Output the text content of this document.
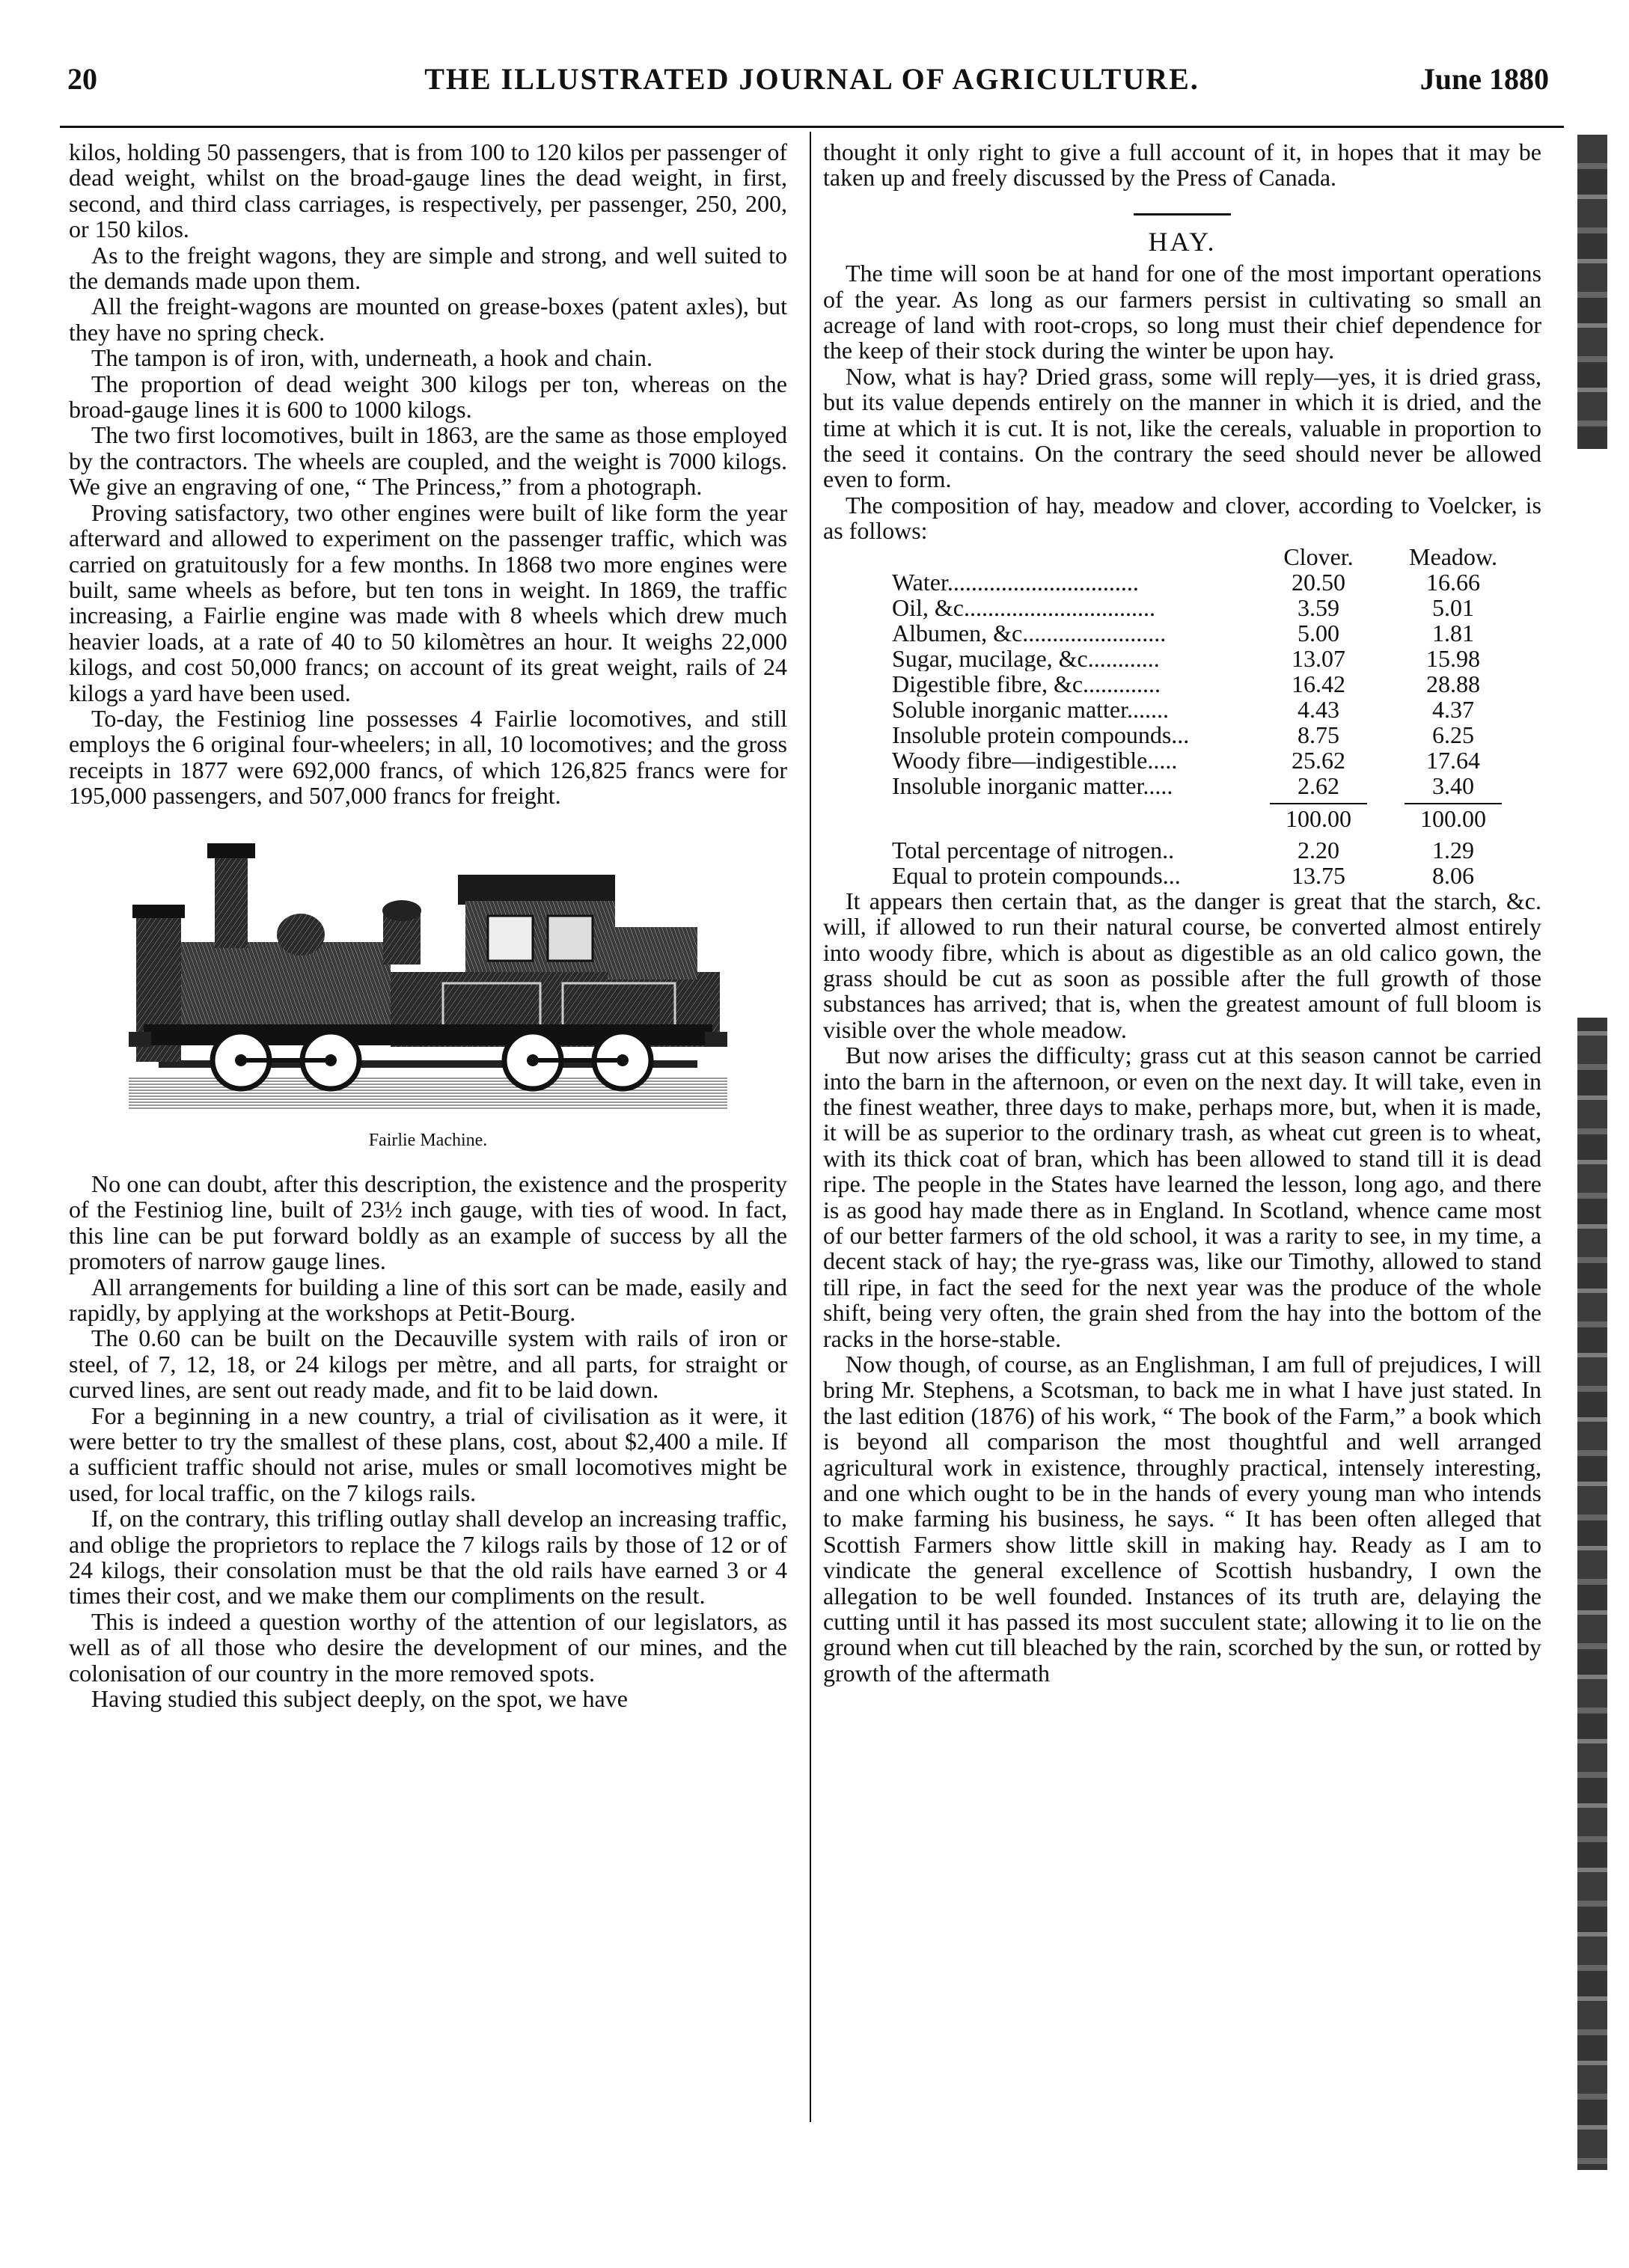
20	THE ILLUSTRATED JOURNAL OF AGRICULTURE.	June 1880

kilos, holding 50 passengers, that is from 100 to 120 kilos per passenger of dead weight, whilst on the broad-gauge lines the dead weight, in first, second, and third class carriages, is respectively, per passenger, 250, 200, or 150 kilos.

As to the freight wagons, they are simple and strong, and well suited to the demands made upon them.

All the freight-wagons are mounted on grease-boxes (patent axles), but they have no spring check.

The tampon is of iron, with, underneath, a hook and chain.

The proportion of dead weight 300 kilogs per ton, whereas on the broad-gauge lines it is 600 to 1000 kilogs.

The two first locomotives, built in 1863, are the same as those employed by the contractors. The wheels are coupled, and the weight is 7000 kilogs. We give an engraving of one, “ The Princess,” from a photograph.

Proving satisfactory, two other engines were built of like form the year afterward and allowed to experiment on the passenger traffic, which was carried on gratuitously for a few months. In 1868 two more engines were built, same wheels as before, but ten tons in weight. In 1869, the traffic increasing, a Fairlie engine was made with 8 wheels which drew much heavier loads, at a rate of 40 to 50 kilomètres an hour. It weighs 22,000 kilogs, and cost 50,000 francs; on account of its great weight, rails of 24 kilogs a yard have been used.

To-day, the Festiniog line possesses 4 Fairlie locomotives, and still employs the 6 original four-wheelers; in all, 10 locomotives; and the gross receipts in 1877 were 692,000 francs, of which 126,825 francs were for 195,000 passengers, and 507,000 francs for freight.

Fairlie Machine.

No one can doubt, after this description, the existence and the prosperity of the Festiniog line, built of 23½ inch gauge, with ties of wood. In fact, this line can be put forward boldly as an example of success by all the promoters of narrow gauge lines.

All arrangements for building a line of this sort can be made, easily and rapidly, by applying at the workshops at Petit-Bourg.

The 0.60 can be built on the Decauville system with rails of iron or steel, of 7, 12, 18, or 24 kilogs per mètre, and all parts, for straight or curved lines, are sent out ready made, and fit to be laid down.

For a beginning in a new country, a trial of civilisation as it were, it were better to try the smallest of these plans, cost, about $2,400 a mile. If a sufficient traffic should not arise, mules or small locomotives might be used, for local traffic, on the 7 kilogs rails.

If, on the contrary, this trifling outlay shall develop an increasing traffic, and oblige the proprietors to replace the 7 kilogs rails by those of 12 or of 24 kilogs, their consolation must be that the old rails have earned 3 or 4 times their cost, and we make them our compliments on the result.

This is indeed a question worthy of the attention of our legislators, as well as of all those who desire the development of our mines, and the colonisation of our country in the more removed spots.

Having studied this subject deeply, on the spot, we have

thought it only right to give a full account of it, in hopes that it may be taken up and freely discussed by the Press of Canada.

HAY.

The time will soon be at hand for one of the most important operations of the year. As long as our farmers persist in cultivating so small an acreage of land with root-crops, so long must their chief dependence for the keep of their stock during the winter be upon hay.

Now, what is hay? Dried grass, some will reply—yes, it is dried grass, but its value depends entirely on the manner in which it is dried, and the time at which it is cut. It is not, like the cereals, valuable in proportion to the seed it contains. On the contrary the seed should never be allowed even to form.

The composition of hay, meadow and clover, according to Voelcker, is as follows:

	Clover.	Meadow.
Water................................	20.50	16.66
Oil, &c................................	3.59	5.01
Albumen, &c........................	5.00	1.81
Sugar, mucilage, &c............	13.07	15.98
Digestible fibre, &c.............	16.42	28.88
Soluble inorganic matter.......	4.43	4.37
Insoluble protein compounds...	8.75	6.25
Woody fibre—indigestible.....	25.62	17.64
Insoluble inorganic matter.....	2.62	3.40

	100.00	100.00

Total percentage of nitrogen..	2.20	1.29
Equal to protein compounds...	13.75	8.06

It appears then certain that, as the danger is great that the starch, &c. will, if allowed to run their natural course, be converted almost entirely into woody fibre, which is about as digestible as an old calico gown, the grass should be cut as soon as possible after the full growth of those substances has arrived; that is, when the greatest amount of full bloom is visible over the whole meadow.

But now arises the difficulty; grass cut at this season cannot be carried into the barn in the afternoon, or even on the next day. It will take, even in the finest weather, three days to make, perhaps more, but, when it is made, it will be as superior to the ordinary trash, as wheat cut green is to wheat, with its thick coat of bran, which has been allowed to stand till it is dead ripe. The people in the States have learned the lesson, long ago, and there is as good hay made there as in England. In Scotland, whence came most of our better farmers of the old school, it was a rarity to see, in my time, a decent stack of hay; the rye-grass was, like our Timothy, allowed to stand till ripe, in fact the seed for the next year was the produce of the whole shift, being very often, the grain shed from the hay into the bottom of the racks in the horse-stable.

Now though, of course, as an Englishman, I am full of prejudices, I will bring Mr. Stephens, a Scotsman, to back me in what I have just stated. In the last edition (1876) of his work, “ The book of the Farm,” a book which is beyond all comparison the most thoughtful and well arranged agricultural work in existence, throughly practical, intensely interesting, and one which ought to be in the hands of every young man who intends to make farming his business, he says. “ It has been often alleged that Scottish Farmers show little skill in making hay. Ready as I am to vindicate the general excellence of Scottish husbandry, I own the allegation to be well founded. Instances of its truth are, delaying the cutting until it has passed its most succulent state; allowing it to lie on the ground when cut till bleached by the rain, scorched by the sun, or rotted by growth of the aftermath
